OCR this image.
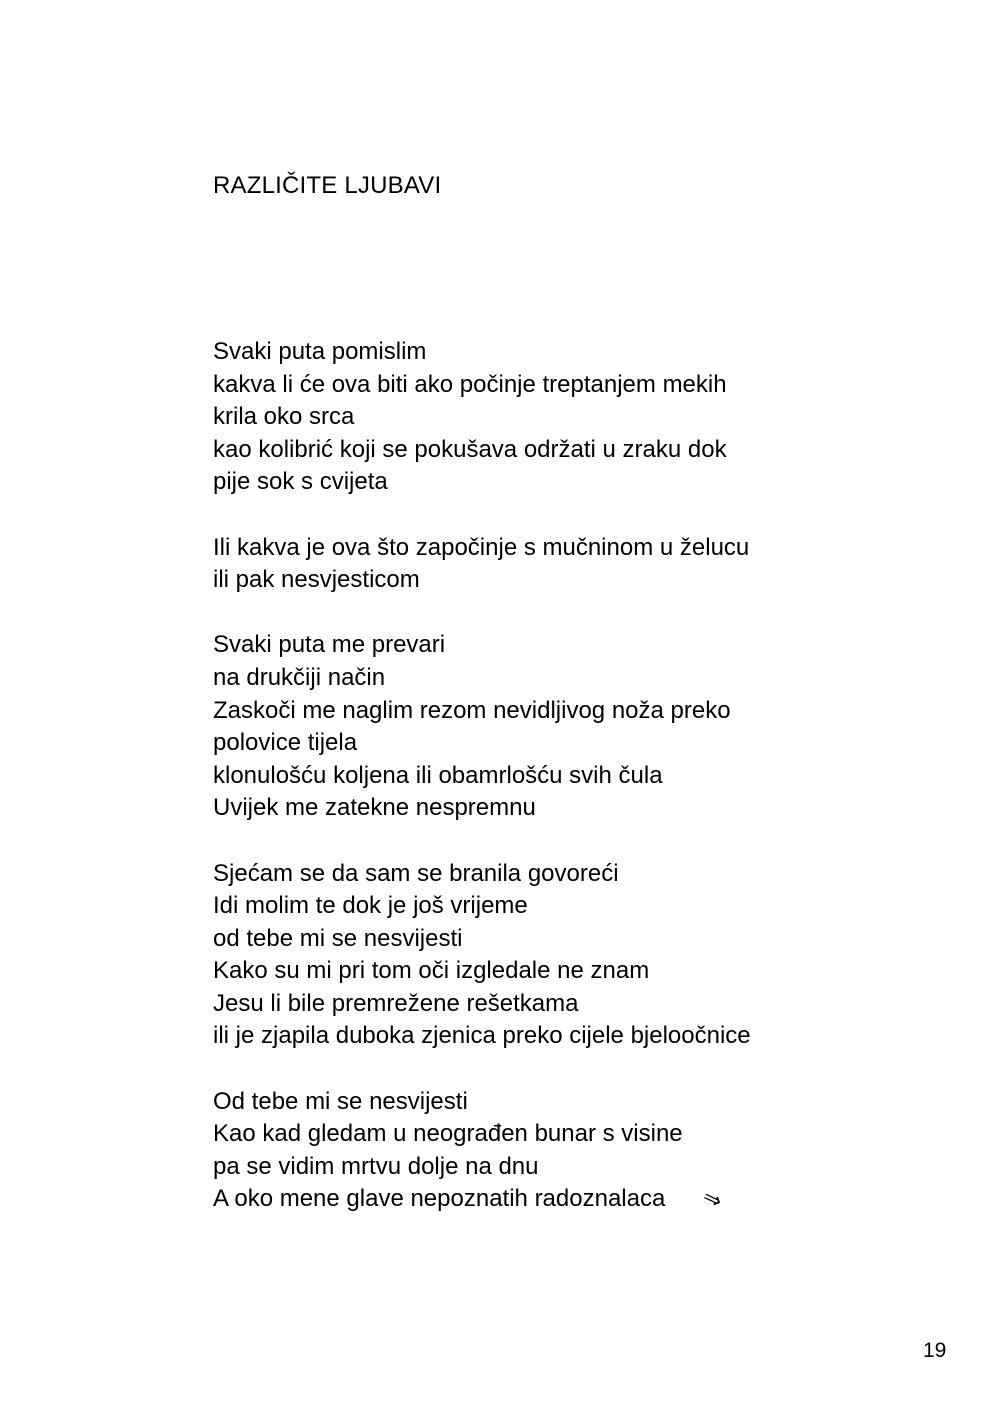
RAZLIČITE LJUBAVI
Svaki puta pomislim
kakva li će ova biti ako počinje treptanjem mekih
krila oko srca
kao kolibrić koji se pokušava održati u zraku dok
pije sok s cvijeta
Ili kakva je ova što započinje s mučninom u želucu
ili pak nesvjesticom
Svaki puta me prevari
na drukčiji način
Zaskoči me naglim rezom nevidljivog noža preko
polovice tijela
klonulošću koljena ili obamrlošću svih čula
Uvijek me zatekne nespremnu
Sjećam se da sam se branila govoreći
Idi molim te dok je još vrijeme
od tebe mi se nesvijesti
Kako su mi pri tom oči izgledale ne znam
Jesu li bile premrežene rešetkama
ili je zjapila duboka zjenica preko cijele bjeloočnice
Od tebe mi se nesvijesti
Kao kad gledam u neograđen bunar s visine
pa se vidim mrtvu dolje na dnu
A oko mene glave nepoznatih radoznalaca ⇘
19
